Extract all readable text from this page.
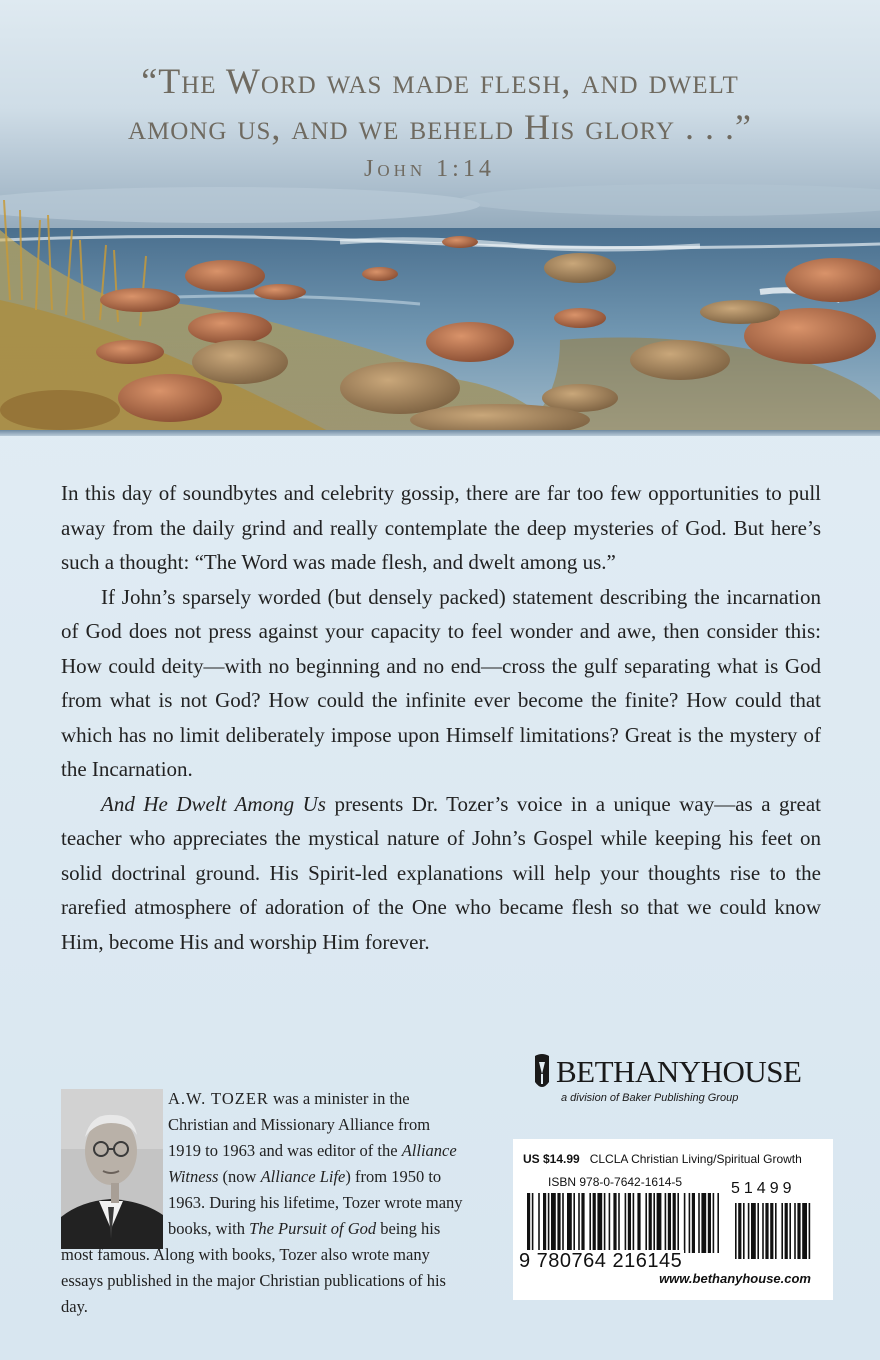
“The Word was made flesh, and dwelt
among us, and we beheld His glory . . .”
John 1:14

In this day of soundbytes and celebrity gossip, there are far too few opportunities to pull away from the daily grind and really contemplate the deep mysteries of God. But here’s such a thought: “The Word was made flesh, and dwelt among us.”

If John’s sparsely worded (but densely packed) statement describing the incarnation of God does not press against your capacity to feel wonder and awe, then consider this: How could deity—with no beginning and no end—cross the gulf separating what is God from what is not God? How could the infinite ever become the finite? How could that which has no limit deliberately impose upon Himself limitations? Great is the mystery of the Incarnation.

And He Dwelt Among Us presents Dr. Tozer’s voice in a unique way—as a great teacher who appreciates the mystical nature of John’s Gospel while keeping his feet on solid doctrinal ground. His Spirit-led explanations will help your thoughts rise to the rarefied atmosphere of adoration of the One who became flesh so that we could know Him, become His and worship Him forever.

A.W. TOZER was a minister in the Christian and Missionary Alliance from 1919 to 1963 and was editor of the Alliance Witness (now Alliance Life) from 1950 to 1963. During his lifetime, Tozer wrote many books, with The Pursuit of God being his most famous. Along with books, Tozer also wrote many essays published in the major Christian publications of his day.
BETHANYHOUSE
a division of Baker Publishing Group
US $14.99 CLCLA Christian Living/Spiritual Growth
ISBN 978-0-7642-1614-5
9 780764 216145
51499
www.bethanyhouse.com
